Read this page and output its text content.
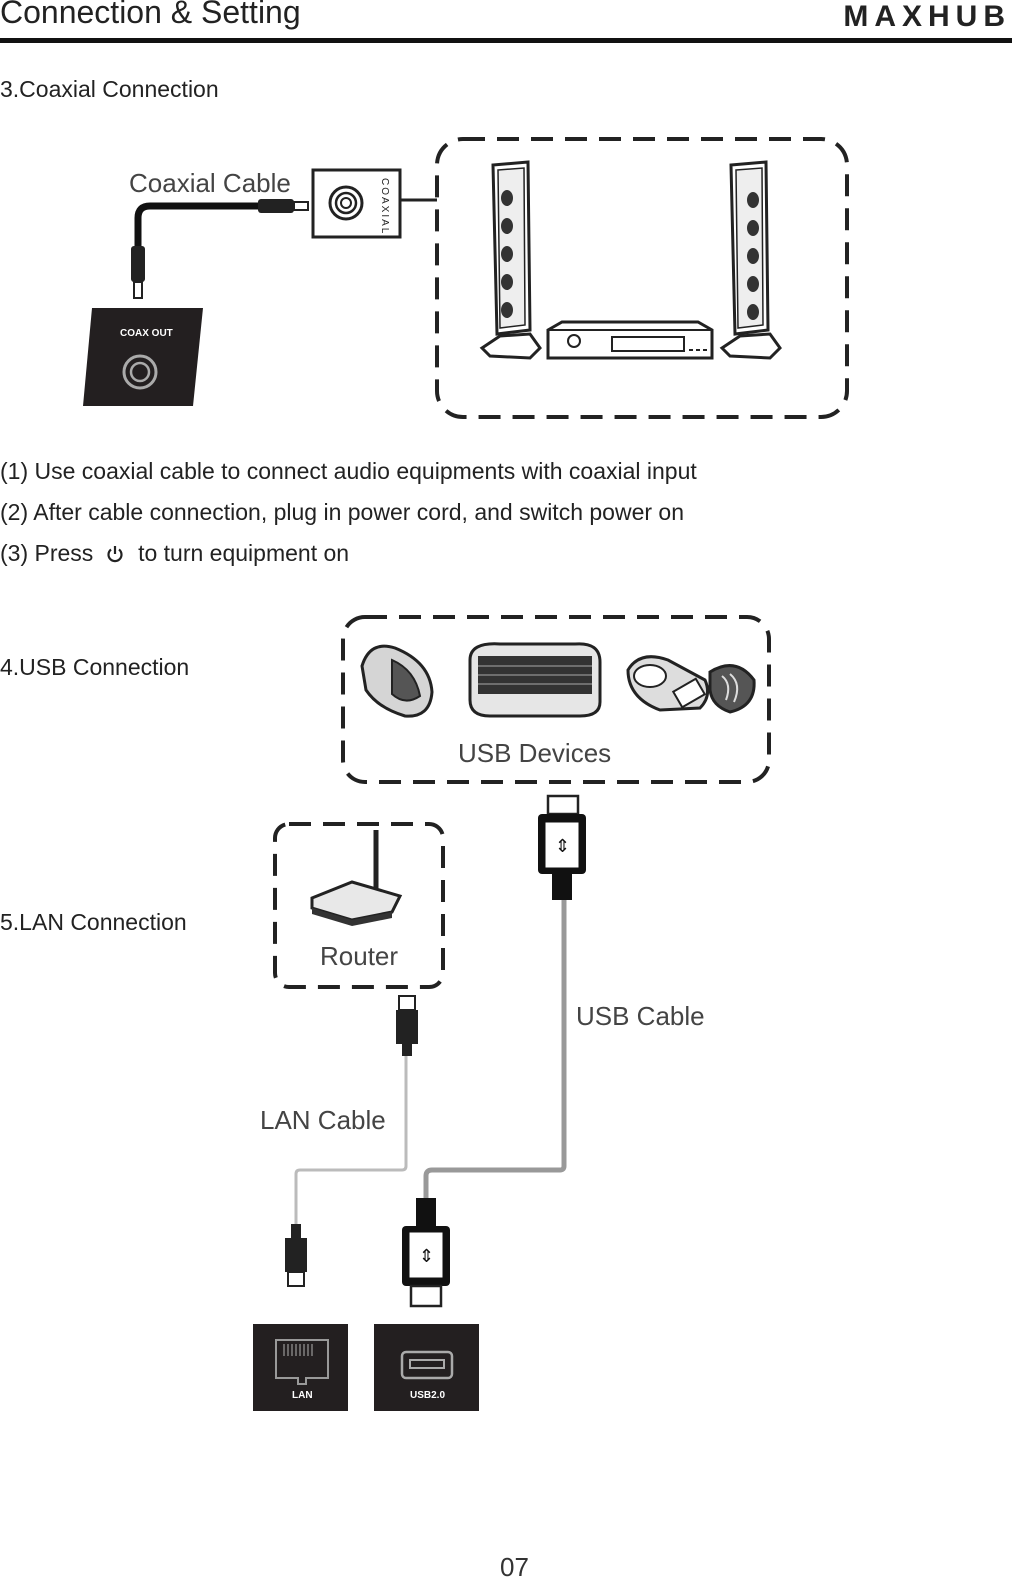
Connection & Setting	MAXHUB
COAXIAL
COAX OUT
⇕
⇕
LAN	USB2.0
3.Coaxial Connection
Coaxial Cable
(1) Use coaxial cable to connect audio equipments with coaxial input
(2) After cable connection, plug in power cord, and switch power on
(3) Press to turn equipment on
4.USB Connection
USB Devices
USB Cable
5.LAN Connection
Router
LAN Cable
07
